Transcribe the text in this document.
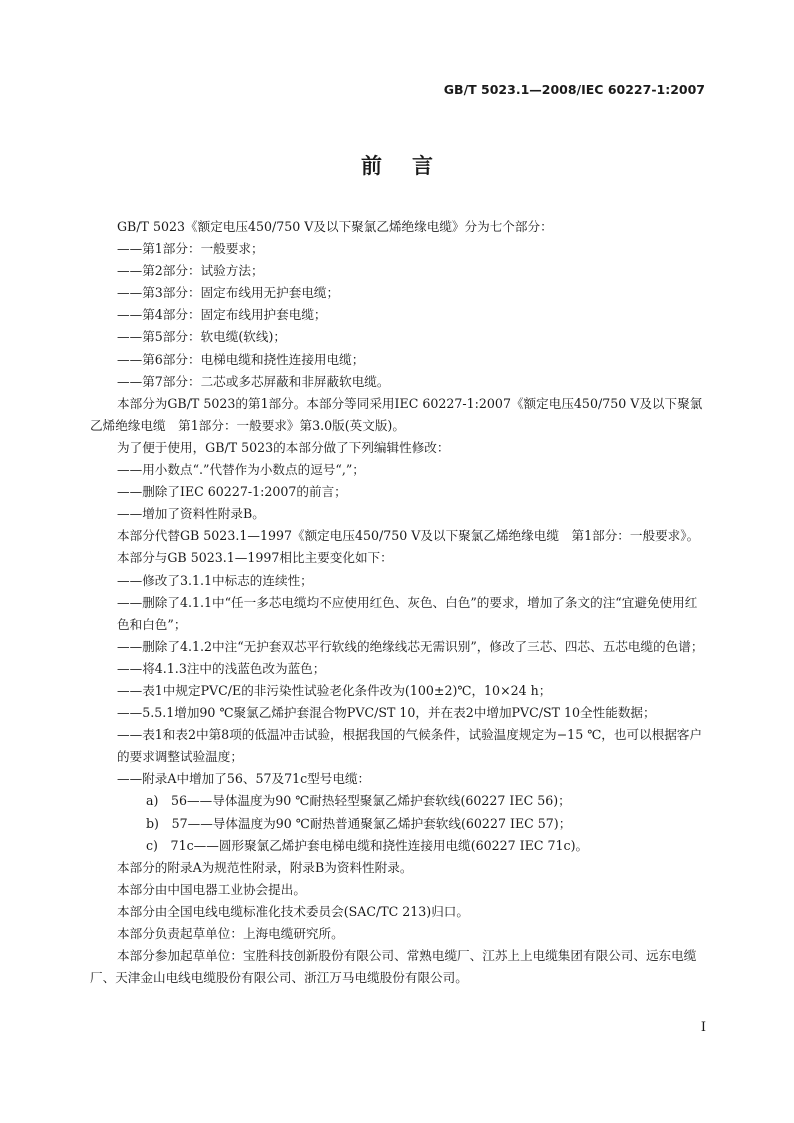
GB/T 5023.1—2008/IEC 60227-1:2007
前言

GB/T 5023《额定电压450/750 V及以下聚氯乙烯绝缘电缆》分为七个部分：

——第1部分：一般要求；

——第2部分：试验方法；

——第3部分：固定布线用无护套电缆；

——第4部分：固定布线用护套电缆；

——第5部分：软电缆(软线)；

——第6部分：电梯电缆和挠性连接用电缆；

——第7部分：二芯或多芯屏蔽和非屏蔽软电缆。

本部分为GB/T 5023的第1部分。本部分等同采用IEC 60227-1:2007《额定电压450/750 V及以下聚氯乙烯绝缘电缆　第1部分：一般要求》第3.0版(英文版)。

为了便于使用，GB/T 5023的本部分做了下列编辑性修改：

——用小数点“.”代替作为小数点的逗号“,”；

——删除了IEC 60227-1:2007的前言；

——增加了资料性附录B。

本部分代替GB 5023.1—1997《额定电压450/750 V及以下聚氯乙烯绝缘电缆　第1部分：一般要求》。

本部分与GB 5023.1—1997相比主要变化如下：

——修改了3.1.1中标志的连续性；

——删除了4.1.1中“任一多芯电缆均不应使用红色、灰色、白色”的要求，增加了条文的注“宜避免使用红色和白色”；

——删除了4.1.2中注“无护套双芯平行软线的绝缘线芯无需识别”，修改了三芯、四芯、五芯电缆的色谱；

——将4.1.3注中的浅蓝色改为蓝色；

——表1中规定PVC/E的非污染性试验老化条件改为(100±2)℃，10×24 h；

——5.5.1增加90 ℃聚氯乙烯护套混合物PVC/ST 10，并在表2中增加PVC/ST 10全性能数据；

——表1和表2中第8项的低温冲击试验，根据我国的气候条件，试验温度规定为−15 ℃，也可以根据客户的要求调整试验温度；

——附录A中增加了56、57及71c型号电缆：

a)　56——导体温度为90 ℃耐热轻型聚氯乙烯护套软线(60227 IEC 56)；

b)　57——导体温度为90 ℃耐热普通聚氯乙烯护套软线(60227 IEC 57)；

c)　71c——圆形聚氯乙烯护套电梯电缆和挠性连接用电缆(60227 IEC 71c)。

本部分的附录A为规范性附录，附录B为资料性附录。

本部分由中国电器工业协会提出。

本部分由全国电线电缆标准化技术委员会(SAC/TC 213)归口。

本部分负责起草单位：上海电缆研究所。

本部分参加起草单位：宝胜科技创新股份有限公司、常熟电缆厂、江苏上上电缆集团有限公司、远东电缆厂、天津金山电线电缆股份有限公司、浙江万马电缆股份有限公司。

I
